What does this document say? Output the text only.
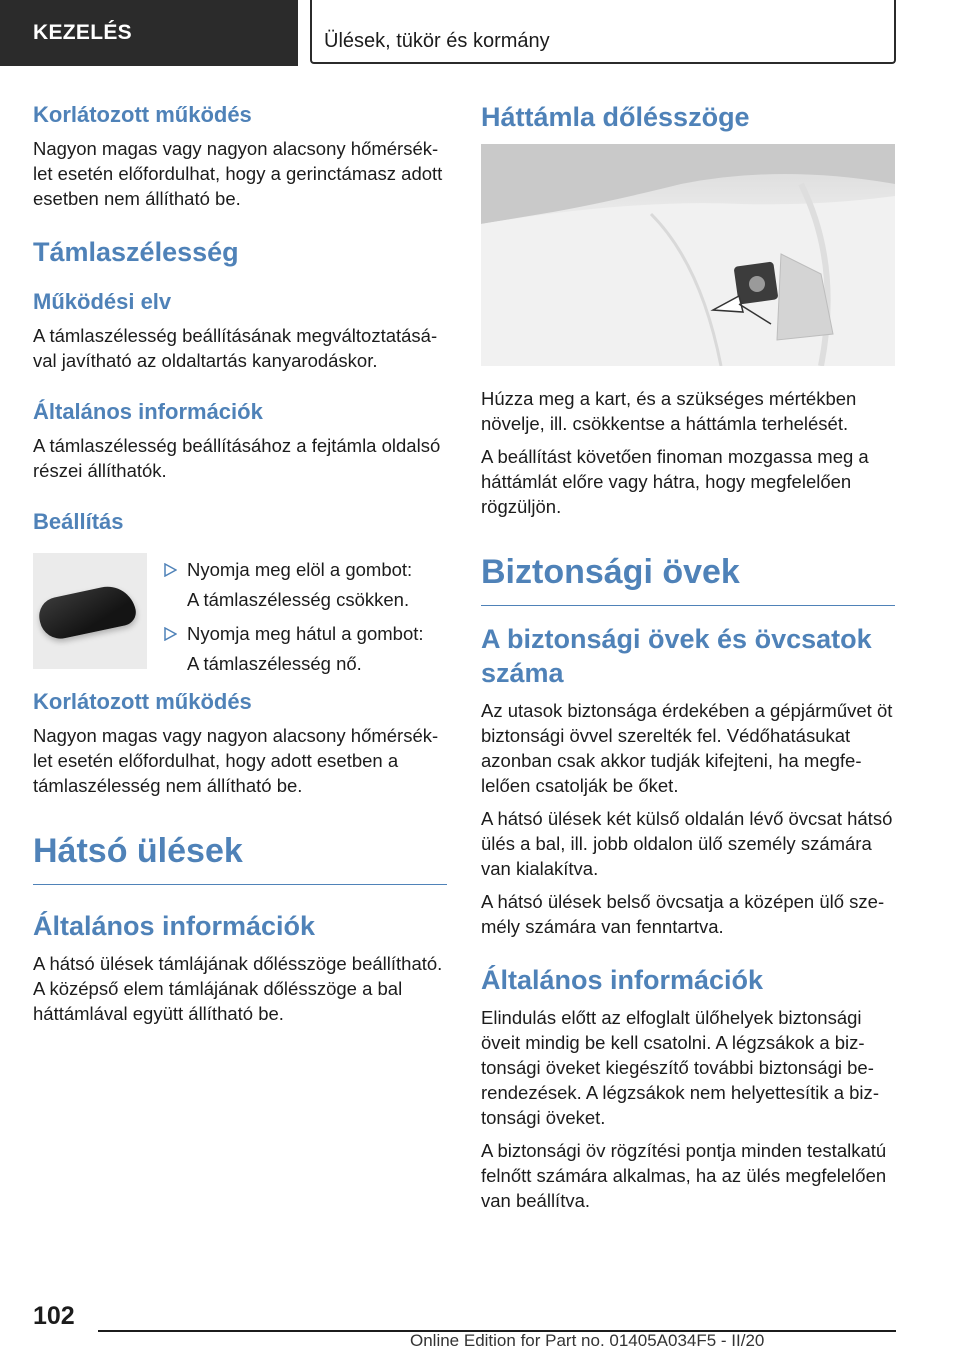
KEZELÉS	Ülések, tükör és kormány
Korlátozott működés

Nagyon magas vagy nagyon alacsony hőmérséklet esetén előfordulhat, hogy a gerinctámasz adott esetben nem állítható be.

Támlaszélesség
Működési elv

A támlaszélesség beállításának megváltoztatásával javítható az oldaltartás kanyarodáskor.

Általános információk

A támlaszélesség beállításához a fejtámla oldalsó részei állíthatók.

Beállítás
Nyomja meg elöl a gombot:
A támlaszélesség csökken.
Nyomja meg hátul a gombot:
A támlaszélesség nő.
Korlátozott működés

Nagyon magas vagy nagyon alacsony hőmérséklet esetén előfordulhat, hogy adott esetben a támlaszélesség nem állítható be.

Hátsó ülések
Általános információk

A hátsó ülések támlájának dőlésszöge beállítható. A középső elem támlájának dőlésszöge a bal háttámlával együtt állítható be.

Háttámla dőlésszöge

Húzza meg a kart, és a szükséges mértékben növelje, ill. csökkentse a háttámla terhelését.

A beállítást követően finoman mozgassa meg a háttámlát előre vagy hátra, hogy megfelelően rögzüljön.

Biztonsági övek
A biztonsági övek és övcsatok száma

Az utasok biztonsága érdekében a gépjárművet öt biztonsági övvel szerelték fel. Védőhatásukat azonban csak akkor tudják kifejteni, ha megfelelően csatolják be őket.

A hátsó ülések két külső oldalán lévő övcsat hátsó ülés a bal, ill. jobb oldalon ülő személy számára van kialakítva.

A hátsó ülések belső övcsatja a középen ülő személy számára van fenntartva.

Általános információk

Elindulás előtt az elfoglalt ülőhelyek biztonsági öveit mindig be kell csatolni. A légzsákok a biztonsági öveket kiegészítő további biztonsági berendezések. A légzsákok nem helyettesítik a biztonsági öveket.

A biztonsági öv rögzítési pontja minden testalkatú felnőtt számára alkalmas, ha az ülés megfelelően van beállítva.

102
Online Edition for Part no. 01405A034F5 - II/20
